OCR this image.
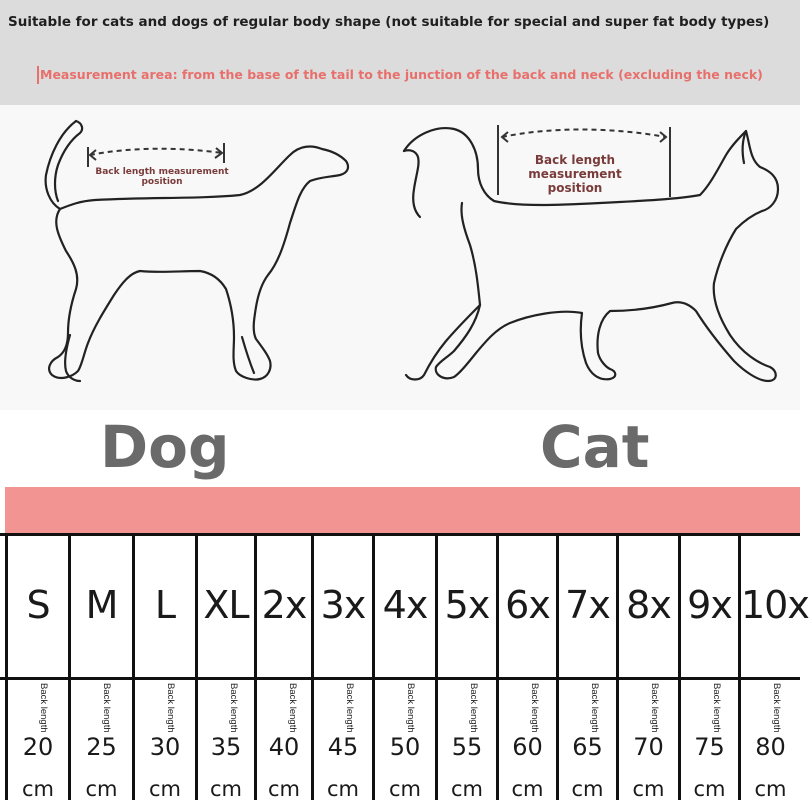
Suitable for cats and dogs of regular body shape (not suitable for special and super fat body types)
Measurement area: from the base of the tail to the junction of the back and neck (excluding the neck)
Back length measurement position
Back length measurement position
Dog	Cat
S
Back length
20
cm
M
Back length
25
cm
L
Back length
30
cm
XL
Back length
35
cm
2x
Back length
40
cm
3x
Back length
45
cm
4x
Back length
50
cm
5x
Back length
55
cm
6x
Back length
60
cm
7x
Back length
65
cm
8x
Back length
70
cm
9x
Back length
75
cm
10x
Back length
80
cm
